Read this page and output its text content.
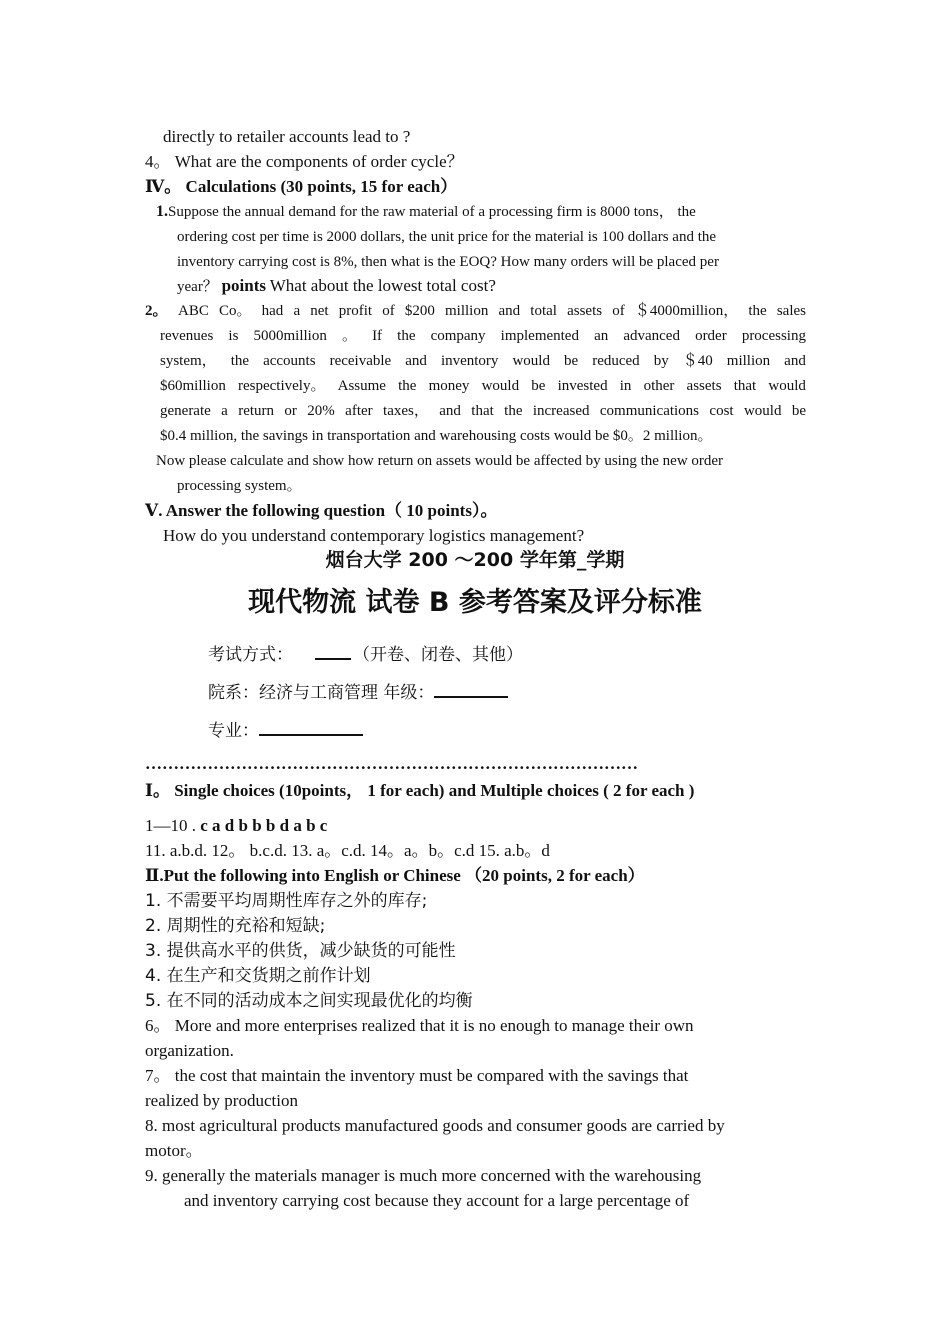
directly to retailer accounts lead to ?
4。 What are the components of order cycle？
Ⅳ。 Calculations (30 points, 15 for each）
1.Suppose the annual demand for the raw material of a processing firm is 8000 tons， the
ordering cost per time is 2000 dollars, the unit price for the material is 100 dollars and the
inventory carrying cost is 8%, then what is the EOQ? How many orders will be placed per
year？ points What about the lowest total cost?
2。 ABC Co。 had a net profit of $200 million and total assets of ＄4000million， the sales
revenues is 5000million 。 If the company implemented an advanced order processing
system， the accounts receivable and inventory would be reduced by ＄40 million and
$60million respectively。 Assume the money would be invested in other assets that would
generate a return or 20% after taxes， and that the increased communications cost would be
$0.4 million, the savings in transportation and warehousing costs would be $0。2 million。
Now please calculate and show how return on assets would be affected by using the new order
processing system。
Ⅴ. Answer the following question（ 10 points）。
How do you understand contemporary logistics management?
烟台大学 200 ～200 学年第_学期
现代物流 试卷 B 参考答案及评分标准
考试方式：	（开卷、闭卷、其他）
院系：经济与工商管理 年级：
专业：
……………………………………………………………………………
Ⅰ。 Single choices (10points， 1 for each) and Multiple choices ( 2 for each )
1—10 . c a d b b b d a b c
11. a.b.d. 12。 b.c.d. 13. a。c.d. 14。a。b。c.d 15. a.b。d
Ⅱ.Put the following into English or Chinese （20 points, 2 for each）
1. 不需要平均周期性库存之外的库存;
2. 周期性的充裕和短缺;
3. 提供高水平的供货，减少缺货的可能性
4. 在生产和交货期之前作计划
5. 在不同的活动成本之间实现最优化的均衡
6。 More and more enterprises realized that it is no enough to manage their own
organization.
7。 the cost that maintain the inventory must be compared with the savings that
realized by production
8. most agricultural products manufactured goods and consumer goods are carried by
motor。
9. generally the materials manager is much more concerned with the warehousing
and inventory carrying cost because they account for a large percentage of
